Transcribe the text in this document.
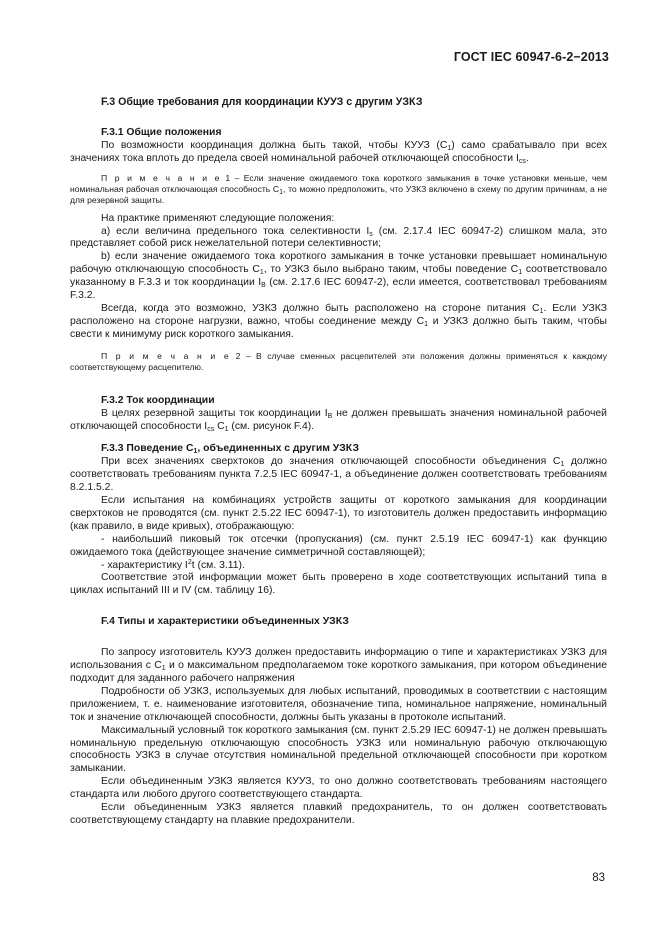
ГОСТ IEC 60947-6-2−2013
F.3 Общие требования для координации КУУЗ с другим УЗКЗ
F.3.1 Общие положения

По возможности координация должна быть такой, чтобы КУУЗ $(С_1)$ само срабатывало при всех значениях тока вплоть до предела своей номинальной рабочей отключающей способности $I_{cs}$.

П р и м е ч а н и е 1 – Если значение ожидаемого тока короткого замыкания в точке установки меньше, чем номинальная рабочая отключающая способность $С_1$, то можно предположить, что УЗКЗ включено в схему по другим причинам, а не для резервной защиты.

На практике применяют следующие положения:

a) если величина предельного тока селективности $I_s$ (см. 2.17.4 IEC 60947-2) слишком мала, это представляет собой риск нежелательной потери селективности;

b) если значение ожидаемого тока короткого замыкания в точке установки превышает номинальную рабочую отключающую способность $С_1$, то УЗКЗ было выбрано таким, чтобы поведение $С_1$ соответствовало указанному в F.3.3 и ток координации $I_B$ (см. 2.17.6 IEC 60947-2), если имеется, соответствовал требованиям F.3.2.

Всегда, когда это возможно, УЗКЗ должно быть расположено на стороне питания $С_1$. Если УЗКЗ расположено на стороне нагрузки, важно, чтобы соединение между $С_1$ и УЗКЗ должно быть таким, чтобы свести к минимуму риск короткого замыкания.

П р и м е ч а н и е 2 – В случае сменных расцепителей эти положения должны применяться к каждому соответствующему расцепителю.

F.3.2 Ток координации

В целях резервной защиты ток координации $I_B$ не должен превышать значения номинальной рабочей отключающей способности $I_{cs}$ $С_1$ (см. рисунок F.4).

F.3.3 Поведение $С_1$, объединенных с другим УЗКЗ

При всех значениях сверхтоков до значения отключающей способности объединения $С_1$ должно соответствовать требованиям пункта 7.2.5 IEC 60947-1, а объединение должен соответствовать требованиям 8.2.1.5.2.

Если испытания на комбинациях устройств защиты от короткого замыкания для координации сверхтоков не проводятся (см. пункт 2.5.22 IEC 60947-1), то изготовитель должен предоставить информацию (как правило, в виде кривых), отображающую:

- наибольший пиковый ток отсечки (пропускания) (см. пункт 2.5.19 IEC 60947-1) как функцию ожидаемого тока (действующее значение симметричной составляющей);

- характеристику $I^2t$ (см. 3.11).

Соответствие этой информации может быть проверено в ходе соответствующих испытаний типа в циклах испытаний III и IV (см. таблицу 16).

F.4 Типы и характеристики объединенных УЗКЗ

По запросу изготовитель КУУЗ должен предоставить информацию о типе и характеристиках УЗКЗ для использования с $С_1$ и о максимальном предполагаемом токе короткого замыкания, при котором объединение подходит для заданного рабочего напряжения

Подробности об УЗКЗ, используемых для любых испытаний, проводимых в соответствии с настоящим приложением, т. е. наименование изготовителя, обозначение типа, номинальное напряжение, номинальный ток и значение отключающей способности, должны быть указаны в протоколе испытаний.

Максимальный условный ток короткого замыкания (см. пункт 2.5.29 IEC 60947-1) не должен превышать номинальную предельную отключающую способность УЗКЗ или номинальную рабочую отключающую способность УЗКЗ в случае отсутствия номинальной предельной отключающей способности при коротком замыкании.

Если объединенным УЗКЗ является КУУЗ, то оно должно соответствовать требованиям настоящего стандарта или любого другого соответствующего стандарта.

Если объединенным УЗКЗ является плавкий предохранитель, то он должен соответствовать соответствующему стандарту на плавкие предохранители.

83
